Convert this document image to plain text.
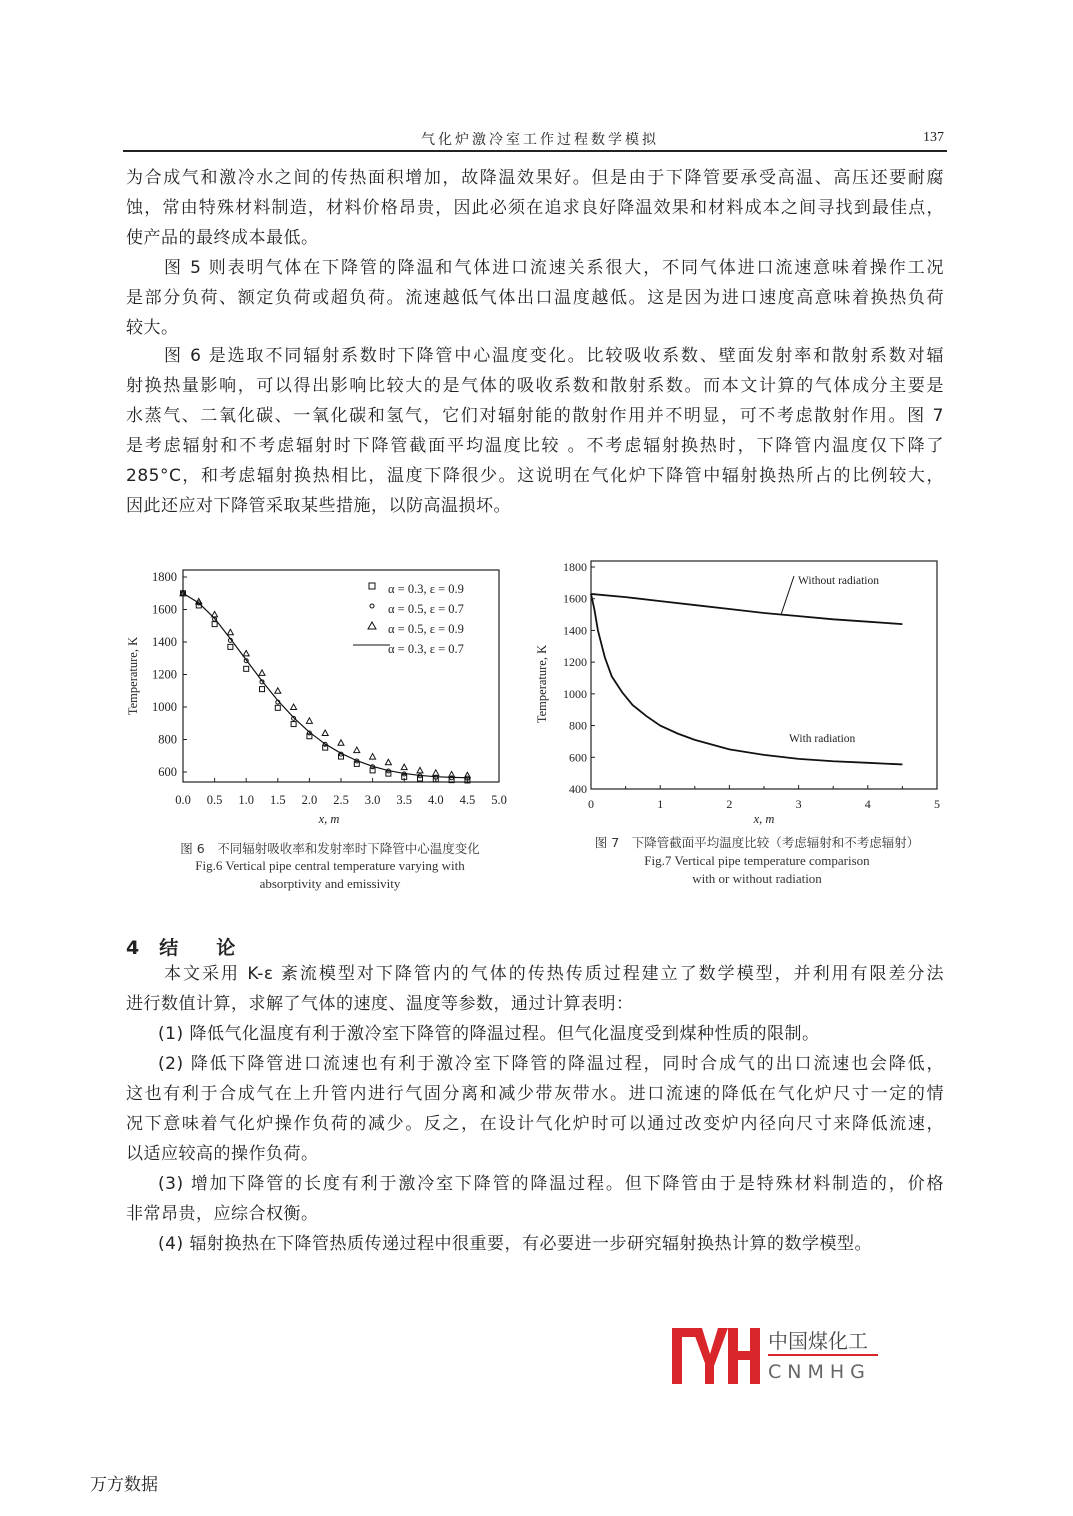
气化炉激冷室工作过程数学模拟	137
为合成气和激冷水之间的传热面积增加，故降温效果好。但是由于下降管要承受高温、高压还要耐腐
蚀，常由特殊材料制造，材料价格昂贵，因此必须在追求良好降温效果和材料成本之间寻找到最佳点，
使产品的最终成本最低。
图 5 则表明气体在下降管的降温和气体进口流速关系很大，不同气体进口流速意味着操作工况
是部分负荷、额定负荷或超负荷。流速越低气体出口温度越低。这是因为进口速度高意味着换热负荷
较大。
图 6 是选取不同辐射系数时下降管中心温度变化。比较吸收系数、壁面发射率和散射系数对辐
射换热量影响，可以得出影响比较大的是气体的吸收系数和散射系数。而本文计算的气体成分主要是
水蒸气、二氧化碳、一氧化碳和氢气，它们对辐射能的散射作用并不明显，可不考虑散射作用。图 7
是考虑辐射和不考虑辐射时下降管截面平均温度比较 。不考虑辐射换热时，下降管内温度仅下降了
285°C，和考虑辐射换热相比，温度下降很少。这说明在气化炉下降管中辐射换热所占的比例较大，
因此还应对下降管采取某些措施，以防高温损坏。
本文采用 K-ε 紊流模型对下降管内的气体的传热传质过程建立了数学模型，并利用有限差分法
进行数值计算，求解了气体的速度、温度等参数，通过计算表明：
(1) 降低气化温度有利于激冷室下降管的降温过程。但气化温度受到煤种性质的限制。
(2) 降低下降管进口流速也有利于激冷室下降管的降温过程，同时合成气的出口流速也会降低，
这也有利于合成气在上升管内进行气固分离和减少带灰带水。进口流速的降低在气化炉尺寸一定的情
况下意味着气化炉操作负荷的减少。反之，在设计气化炉时可以通过改变炉内径向尺寸来降低流速，
以适应较高的操作负荷。
(3) 增加下降管的长度有利于激冷室下降管的降温过程。但下降管由于是特殊材料制造的，价格
非常昂贵，应综合权衡。
(4) 辐射换热在下降管热质传递过程中很重要，有必要进一步研究辐射换热计算的数学模型。
0.0 0.5 1.0 1.5 2.0 2.5 3.0 3.5 4.0 4.5 5.0
600
800
1000
1200
1400
1600
1800
x, m
Temperature, K
α = 0.3, ε = 0.9
α = 0.5, ε = 0.7
α = 0.5, ε = 0.9
α = 0.3, ε = 0.7
0	1	2	3	4	5
400
600
800
1000
1200
1400
1600
1800
x, m
Temperature, K
Without radiation
With radiation
图 6　不同辐射吸收率和发射率时下降管中心温度变化
Fig.6 Vertical pipe central temperature varying with
absorptivity and emissivity
图 7　下降管截面平均温度比较（考虑辐射和不考虑辐射）
Fig.7 Vertical pipe temperature comparison
with or without radiation
4 结　　论
中国煤化工
CNMHG
万方数据
